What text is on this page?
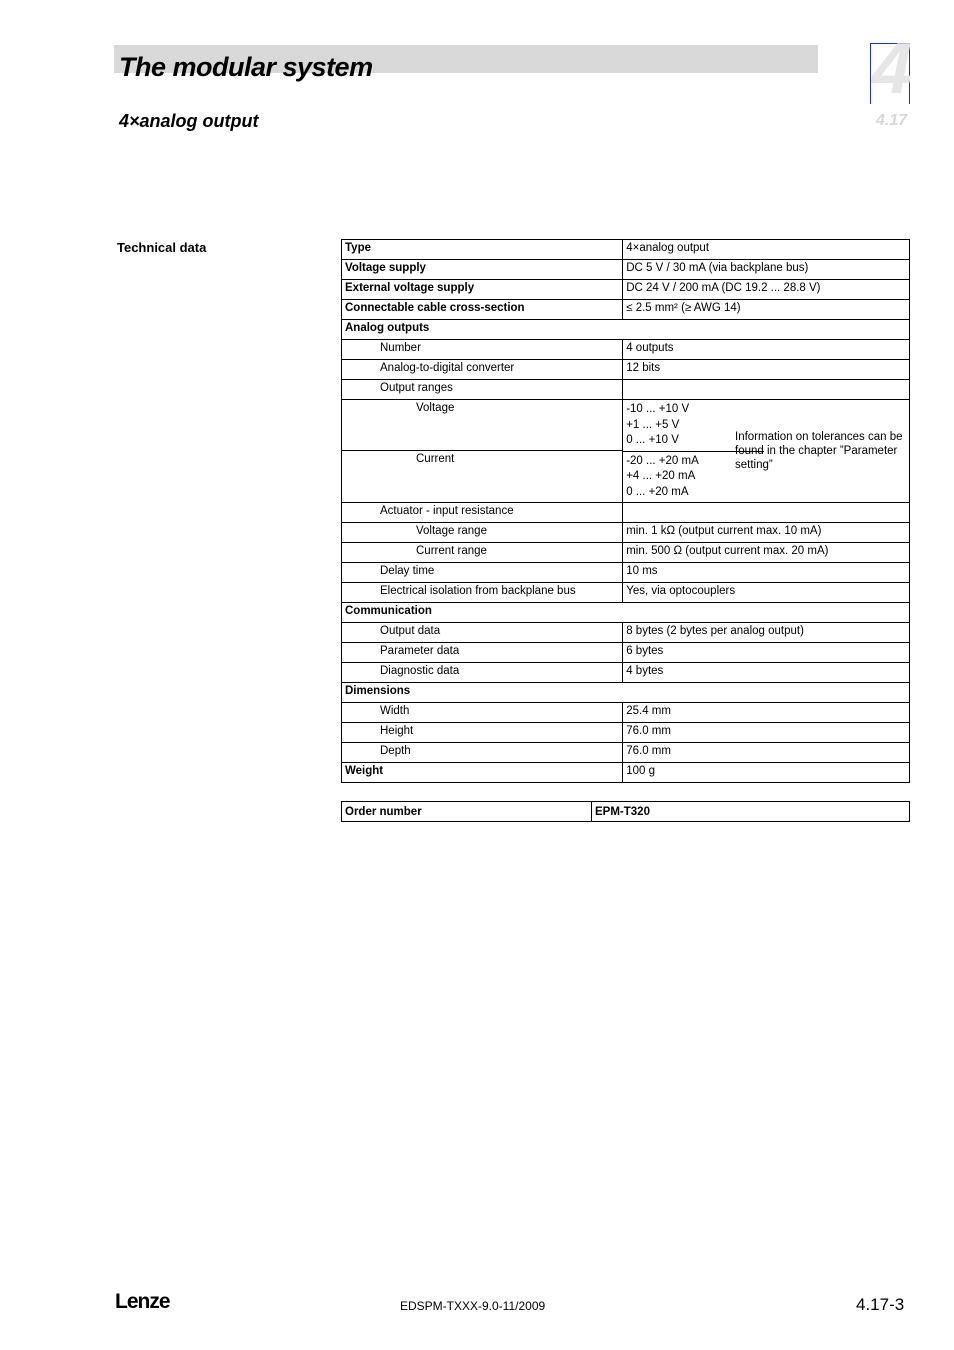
The modular system
4×analog output
4
4.17
Technical data	Type	4×analog output
Voltage supply	DC 5 V / 30 mA (via backplane bus)
External voltage supply	DC 24 V / 200 mA (DC 19.2 ... 28.8 V)
Connectable cable cross-section	≤ 2.5 mm² (≥ AWG 14)
Analog outputs	
Number	4 outputs
Analog-to-digital converter	12 bits
Output ranges	
Voltage	-10 ... +10 V
+1 ... +5 V
0 ... +10 V

Current	-20 ... +20 mA
+4 ... +20 mA
0 ... +20 mA

Actuator - input resistance	
Voltage range	min. 1 kΩ (output current max. 10 mA)
Current range	min. 500 Ω (output current max. 20 mA)
Delay time	10 ms
Electrical isolation from backplane bus	Yes, via optocouplers
Communication	
Output data	8 bytes (2 bytes per analog output)
Parameter data	6 bytes
Diagnostic data	4 bytes
Dimensions	
Width	25.4 mm
Height	76.0 mm
Depth	76.0 mm
Weight	100 g
Information on tolerances can be found in the chapter ”Parameter setting”
Order number	EPM-T320
Lenze	EDSPM-TXXX-9.0-11/2009	4.17-3
